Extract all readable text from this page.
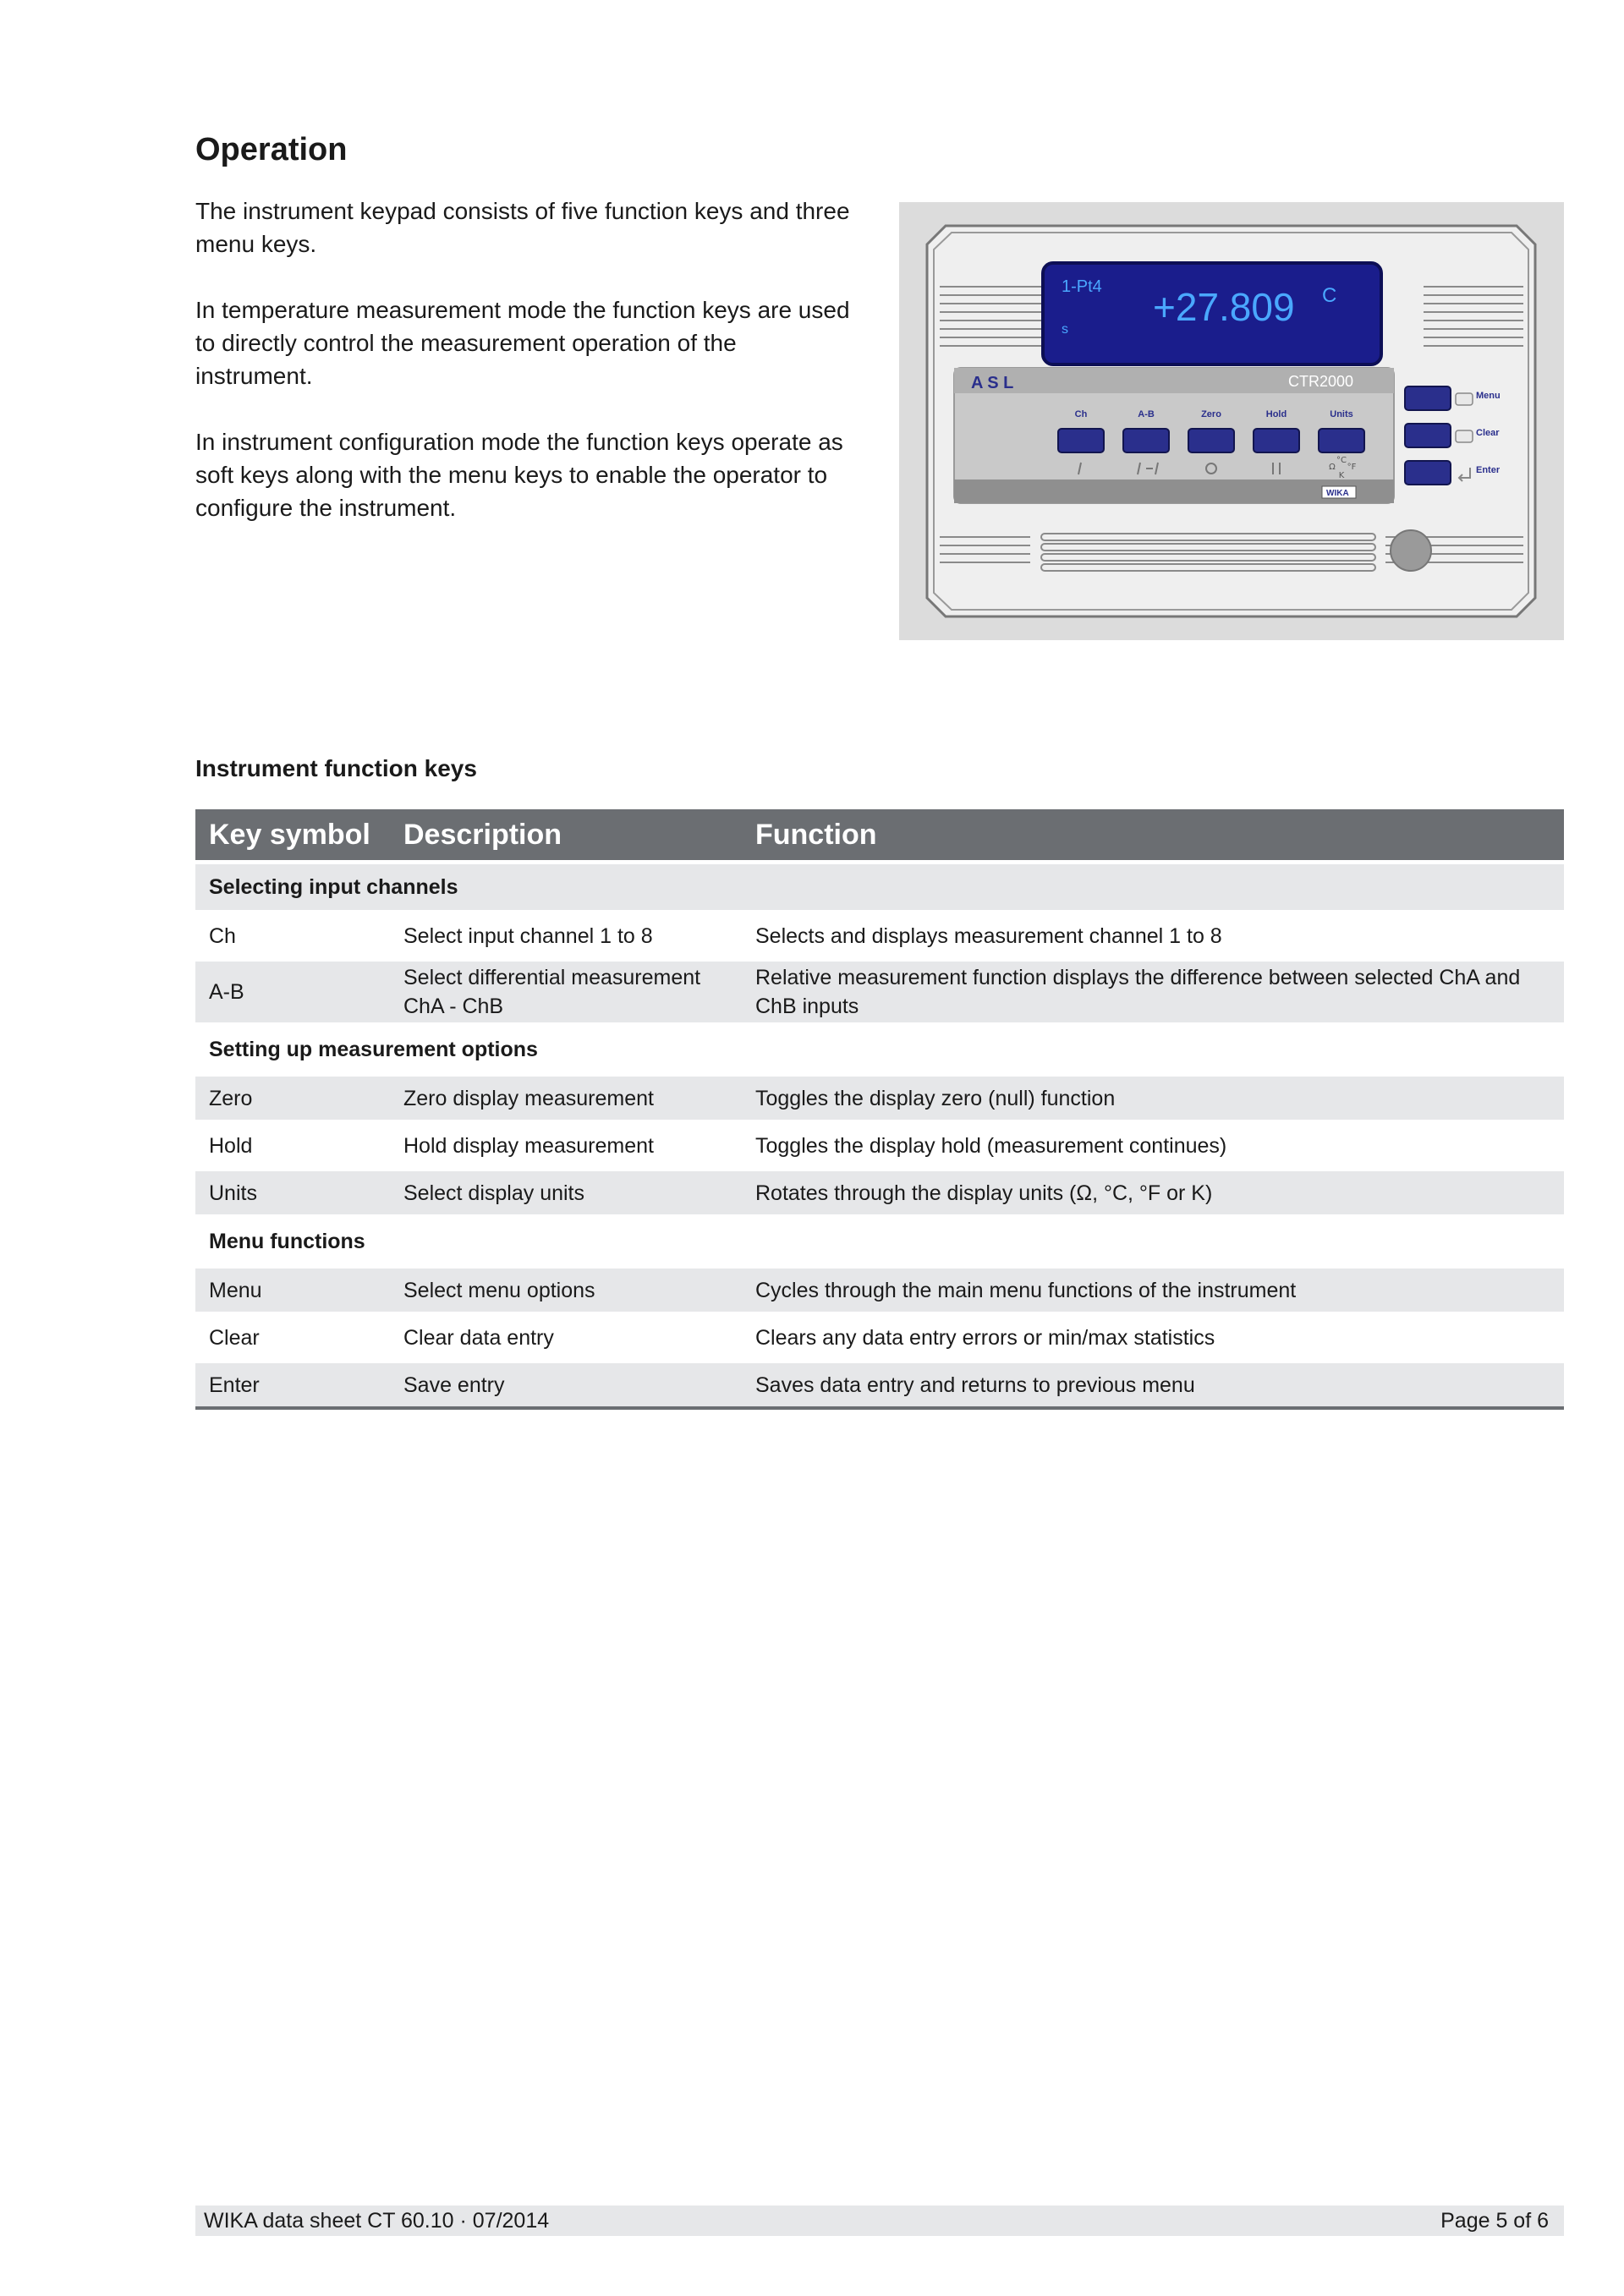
Operation

The instrument keypad consists of five function keys and three menu keys.

In temperature measurement mode the function keys are used to directly control the measurement operation of the instrument.

In instrument configuration mode the function keys operate as soft keys along with the menu keys to enable the operator to configure the instrument.

1-Pt4
s
+27.809 C
A S L	CTR2000
WIKA
Ch	A-B	Zero	Hold	Units
Ω
°C
°F
K
Menu
Clear
Enter
Instrument function keys
Key symbol	Description	Function
Selecting input channels		
Ch	Select input channel 1 to 8	Selects and displays measurement channel 1 to 8
A-B	Select differential measurement ChA - ChB	Relative measurement function displays the difference between selected ChA and ChB inputs
Setting up measurement options		
Zero	Zero display measurement	Toggles the display zero (null) function
Hold	Hold display measurement	Toggles the display hold (measurement continues)
Units	Select display units	Rotates through the display units (Ω, °C, °F or K)
Menu functions		
Menu	Select menu options	Cycles through the main menu functions of the instrument
Clear	Clear data entry	Clears any data entry errors or min/max statistics
Enter	Save entry	Saves data entry and returns to previous menu
WIKA data sheet CT 60.10 · 07/2014	Page 5 of 6
